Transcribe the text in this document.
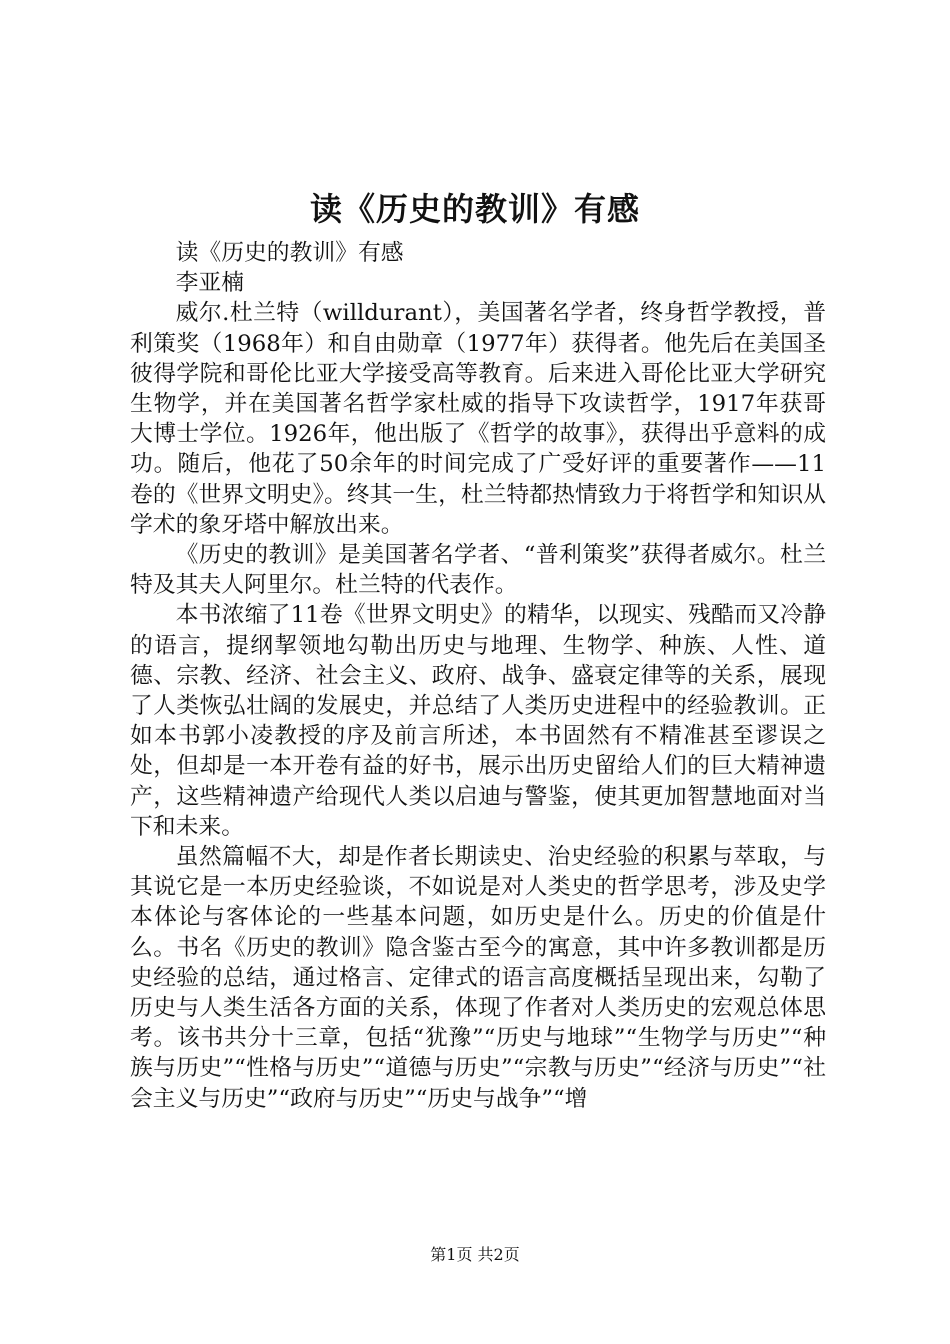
读《历史的教训》有感

读《历史的教训》有感

李亚楠

威尔.杜兰特（willdurant），美国著名学者，终身哲学教授，普利策奖（1968年）和自由勋章（1977年）获得者。他先后在美国圣彼得学院和哥伦比亚大学接受高等教育。后来进入哥伦比亚大学研究生物学，并在美国著名哲学家杜威的指导下攻读哲学，1917年获哥大博士学位。1926年，他出版了《哲学的故事》，获得出乎意料的成功。随后，他花了50余年的时间完成了广受好评的重要著作——11卷的《世界文明史》。终其一生，杜兰特都热情致力于将哲学和知识从学术的象牙塔中解放出来。

《历史的教训》是美国著名学者、“普利策奖”获得者威尔。杜兰特及其夫人阿里尔。杜兰特的代表作。

本书浓缩了11卷《世界文明史》的精华，以现实、残酷而又冷静的语言，提纲挈领地勾勒出历史与地理、生物学、种族、人性、道德、宗教、经济、社会主义、政府、战争、盛衰定律等的关系，展现了人类恢弘壮阔的发展史，并总结了人类历史进程中的经验教训。正如本书郭小凌教授的序及前言所述，本书固然有不精准甚至谬误之处，但却是一本开卷有益的好书，展示出历史留给人们的巨大精神遗产，这些精神遗产给现代人类以启迪与警鉴，使其更加智慧地面对当下和未来。

虽然篇幅不大，却是作者长期读史、治史经验的积累与萃取，与其说它是一本历史经验谈，不如说是对人类史的哲学思考，涉及史学本体论与客体论的一些基本问题，如历史是什么。历史的价值是什么。书名《历史的教训》隐含鉴古至今的寓意，其中许多教训都是历史经验的总结，通过格言、定律式的语言高度概括呈现出来，勾勒了历史与人类生活各方面的关系，体现了作者对人类历史的宏观总体思考。该书共分十三章，包括“犹豫”“历史与地球”“生物学与历史”“种族与历史”“性格与历史”“道德与历史”“宗教与历史”“经济与历史”“社会主义与历史”“政府与历史”“历史与战争”“增

第1页 共2页
